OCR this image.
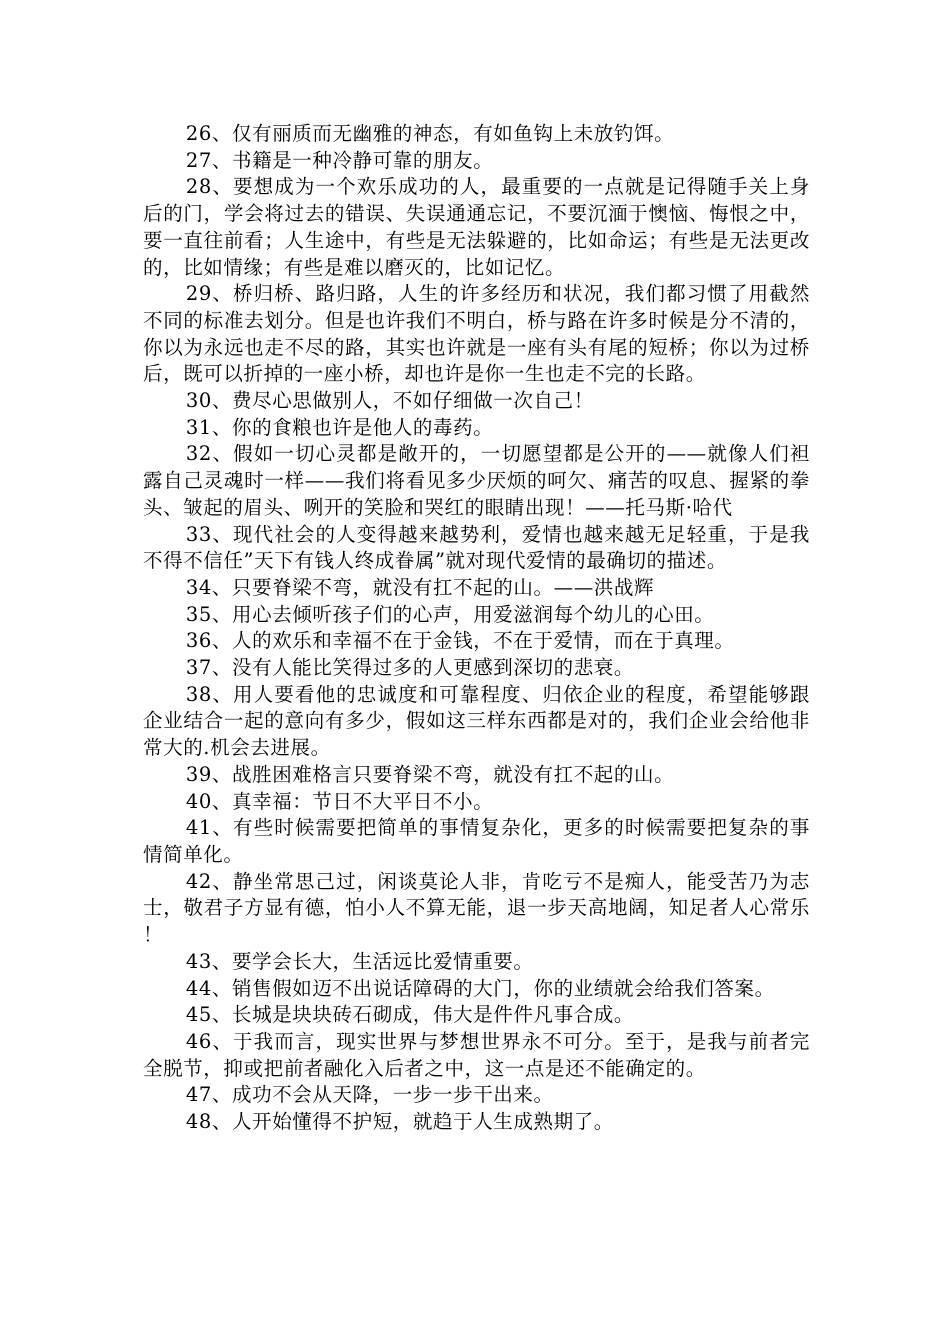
26、仅有丽质而无幽雅的神态，有如鱼钩上未放钓饵。

27、书籍是一种冷静可靠的朋友。

28、要想成为一个欢乐成功的人，最重要的一点就是记得随手关上身后的门，学会将过去的错误、失误通通忘记，不要沉湎于懊恼、悔恨之中，要一直往前看；人生途中，有些是无法躲避的，比如命运；有些是无法更改的，比如情缘；有些是难以磨灭的，比如记忆。

29、桥归桥、路归路，人生的许多经历和状况，我们都习惯了用截然不同的标准去划分。但是也许我们不明白，桥与路在许多时候是分不清的，你以为永远也走不尽的路，其实也许就是一座有头有尾的短桥；你以为过桥后，既可以折掉的一座小桥，却也许是你一生也走不完的长路。

30、费尽心思做别人，不如仔细做一次自己！

31、你的食粮也许是他人的毒药。

32、假如一切心灵都是敞开的，一切愿望都是公开的——就像人们袒露自己灵魂时一样——我们将看见多少厌烦的呵欠、痛苦的叹息、握紧的拳头、皱起的眉头、咧开的笑脸和哭红的眼睛出现！——托马斯·哈代

33、现代社会的人变得越来越势利，爱情也越来越无足轻重，于是我不得不信任”天下有钱人终成眷属”就对现代爱情的最确切的描述。

34、只要脊梁不弯，就没有扛不起的山。——洪战辉

35、用心去倾听孩子们的心声，用爱滋润每个幼儿的心田。

36、人的欢乐和幸福不在于金钱，不在于爱情，而在于真理。

37、没有人能比笑得过多的人更感到深切的悲衰。

38、用人要看他的忠诚度和可靠程度、归依企业的程度，希望能够跟企业结合一起的意向有多少，假如这三样东西都是对的，我们企业会给他非常大的.机会去进展。

39、战胜困难格言只要脊梁不弯，就没有扛不起的山。

40、真幸福：节日不大平日不小。

41、有些时候需要把简单的事情复杂化，更多的时候需要把复杂的事情简单化。

42、静坐常思己过，闲谈莫论人非，肯吃亏不是痴人，能受苦乃为志士，敬君子方显有德，怕小人不算无能，退一步天高地阔，知足者人心常乐！

43、要学会长大，生活远比爱情重要。

44、销售假如迈不出说话障碍的大门，你的业绩就会给我们答案。

45、长城是块块砖石砌成，伟大是件件凡事合成。

46、于我而言，现实世界与梦想世界永不可分。至于，是我与前者完全脱节，抑或把前者融化入后者之中，这一点是还不能确定的。

47、成功不会从天降，一步一步干出来。

48、人开始懂得不护短，就趋于人生成熟期了。
